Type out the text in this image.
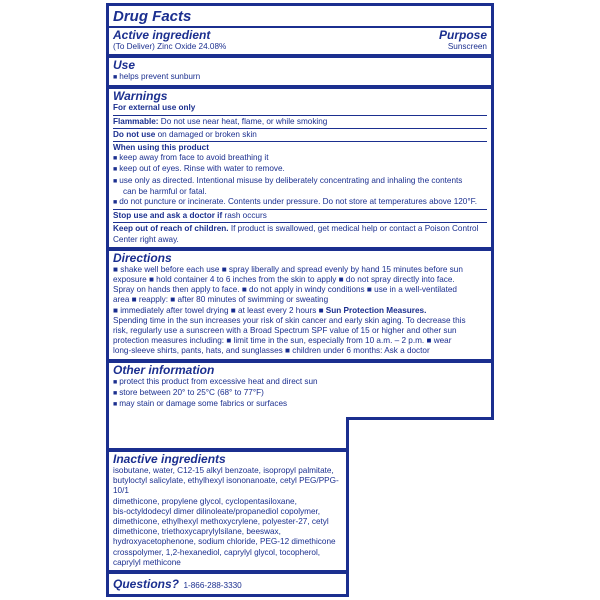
Drug Facts
Active ingredient	Purpose
(To Deliver) Zinc Oxide 24.08%	Sunscreen
Use
■ helps prevent sunburn
Warnings
For external use only
Flammable: Do not use near heat, flame, or while smoking
Do not use on damaged or broken skin
When using this product
■ keep away from face to avoid breathing it
■ keep out of eyes. Rinse with water to remove.
■ use only as directed. Intentional misuse by deliberately concentrating and inhaling the contents
can be harmful or fatal.
■ do not puncture or incinerate. Contents under pressure. Do not store at temperatures above 120°F.
Stop use and ask a doctor if rash occurs
Keep out of reach of children. If product is swallowed, get medical help or contact a Poison Control
Center right away.
Directions
■ shake well before each use ■ spray liberally and spread evenly by hand 15 minutes before sun
exposure ■ hold container 4 to 6 inches from the skin to apply ■ do not spray directly into face.
Spray on hands then apply to face. ■ do not apply in windy conditions ■ use in a well-ventilated
area ■ reapply: ■ after 80 minutes of swimming or sweating
■ immediately after towel drying ■ at least every 2 hours ■ Sun Protection Measures.
Spending time in the sun increases your risk of skin cancer and early skin aging. To decrease this
risk, regularly use a sunscreen with a Broad Spectrum SPF value of 15 or higher and other sun
protection measures including: ■ limit time in the sun, especially from 10 a.m. – 2 p.m. ■ wear
long-sleeve shirts, pants, hats, and sunglasses ■ children under 6 months: Ask a doctor
Other information
■ protect this product from excessive heat and direct sun
■ store between 20° to 25°C (68° to 77°F)
■ may stain or damage some fabrics or surfaces
Inactive ingredients
isobutane, water, C12-15 alkyl benzoate, isopropyl palmitate,
butyloctyl salicylate, ethylhexyl isononanoate, cetyl PEG/PPG-10/1
dimethicone, propylene glycol, cyclopentasiloxane,
bis-octyldodecyl dimer dilinoleate/propanediol copolymer,
dimethicone, ethylhexyl methoxycrylene, polyester-27, cetyl
dimethicone, triethoxycaprylylsilane, beeswax,
hydroxyacetophenone, sodium chloride, PEG-12 dimethicone
crosspolymer, 1,2-hexanediol, caprylyl glycol, tocopherol,
caprylyl methicone
Questions? 1-866-288-3330
